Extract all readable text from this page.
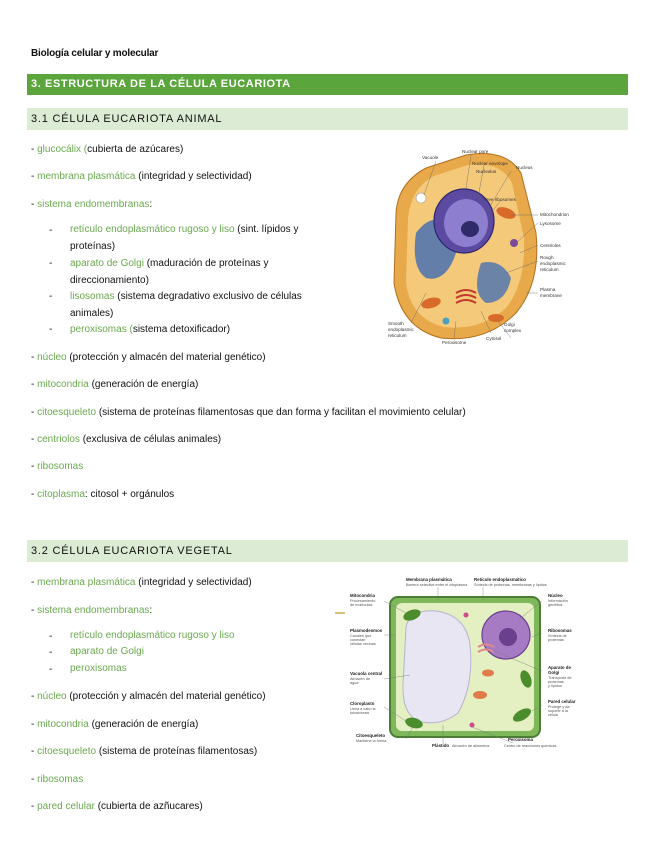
Biología celular y molecular
3. ESTRUCTURA DE LA CÉLULA EUCARIOTA
3.1 CÉLULA EUCARIOTA ANIMAL
- glucocálix (cubierta de azúcares)
- membrana plasmática (integridad y selectividad)
- sistema endomembranas:
- retículo endoplasmático rugoso y liso (sint. lípidos y
proteínas)
- aparato de Golgi (maduración de proteínas y
direccionamiento)
- lisosomas (sistema degradativo exclusivo de células
animales)
- peroxisomas (sistema detoxificador)
- núcleo (protección y almacén del material genético)
- mitocondria (generación de energía)
- citoesqueleto (sistema de proteínas filamentosas que dan forma y facilitan el movimiento celular)
- centriolos (exclusiva de células animales)
- ribosomas
- citoplasma: citosol + orgánulos
Nuclear pore
Vacuole
Nuclear envelope
Nucleus
Nucleolus
Free ribosomes
Mitochondrion
Lysosome
Centrioles
Rough
endoplasmic
reticulum
Plasma
membrane
Smooth
endoplasmic
reticulum
Golgi
complex
Peroxisome
Cytosol
3.2 CÉLULA EUCARIOTA VEGETAL
- membrana plasmática (integridad y selectividad)
- sistema endomembranas:
- retículo endoplasmático rugoso y liso
- aparato de Golgi
- peroxisomas
- núcleo (protección y almacén del material genético)
- mitocondria (generación de energía)
- citoesqueleto (sistema de proteínas filamentosas)
- ribosomas
- pared celular (cubierta de azñucares)
Membrana plasmática
Barrera selectiva entre el citoplasma
Retículo endoplasmático
Síntesis de proteínas, membranas y lípidos
Mitocondria
Procesamiento
de moléculas
Núcleo
Información
genética
Plasmodesmos
Canales que
conectan
células vecinas
Ribosomas
Síntesis de
proteínas
Vacuola central
Almacén de
agua
Aparato de
Golgi
Transporte de
proteínas
y lípidos
Cloroplasto
Lleva a cabo la
fotosíntesis
Pared celular
Protege y da
soporte a la
célula
Citoesqueleto
Mantiene la forma
Plástido Almacén de alimentos
Peroxisoma
Centro de reacciones químicas
